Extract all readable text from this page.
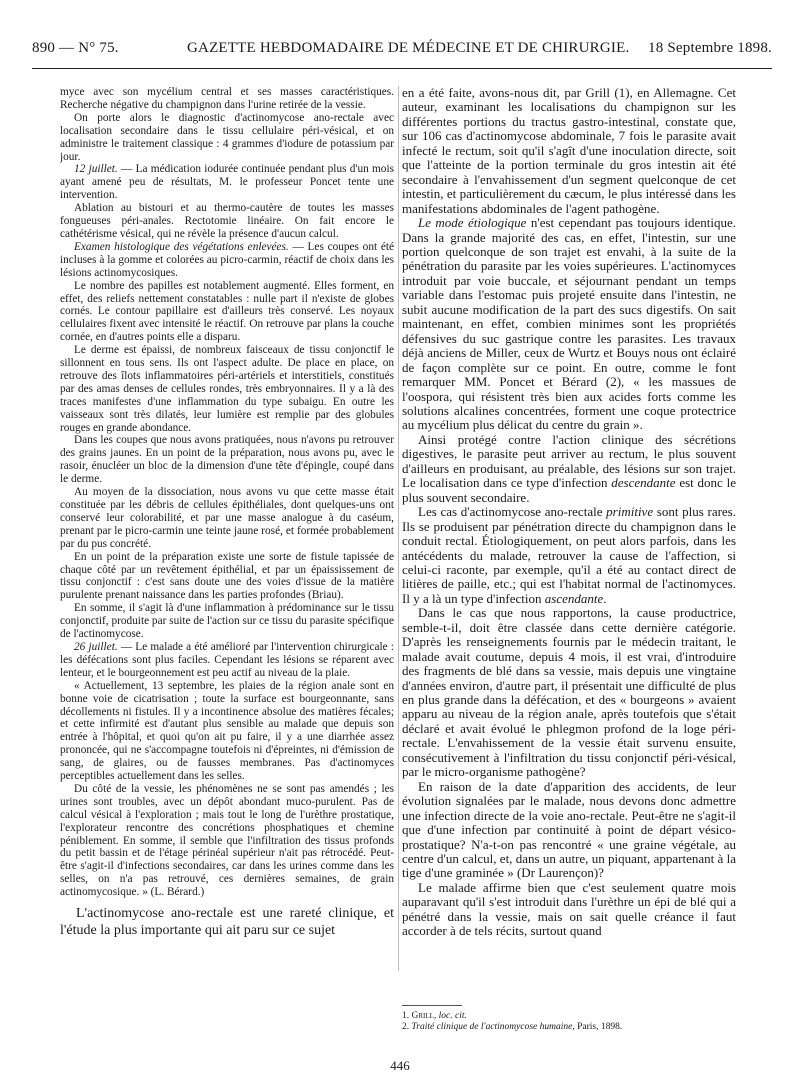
890 — N° 75.	GAZETTE HEBDOMADAIRE DE MÉDECINE ET DE CHIRURGIE. 18 Septembre 1898.

myce avec son mycélium central et ses masses caractéristiques. Recherche négative du champignon dans l'urine retirée de la vessie.

On porte alors le diagnostic d'actinomycose ano-rectale avec localisation secondaire dans le tissu cellulaire péri-vésical, et on administre le traitement classique : 4 grammes d'iodure de potassium par jour.

12 juillet. — La médication iodurée continuée pendant plus d'un mois ayant amené peu de résultats, M. le professeur Poncet tente une intervention.

Ablation au bistouri et au thermo-cautère de toutes les masses fongueuses péri-anales. Rectotomie linéaire. On fait encore le cathétérisme vésical, qui ne révèle la présence d'aucun calcul.

Examen histologique des végétations enlevées. — Les coupes ont été incluses à la gomme et colorées au picro-carmin, réactif de choix dans les lésions actinomycosiques.

Le nombre des papilles est notablement augmenté. Elles forment, en effet, des reliefs nettement constatables : nulle part il n'existe de globes cornés. Le contour papillaire est d'ailleurs très conservé. Les noyaux cellulaires fixent avec intensité le réactif. On retrouve par plans la couche cornée, en d'autres points elle a disparu.

Le derme est épaissi, de nombreux faisceaux de tissu conjonctif le sillonnent en tous sens. Ils ont l'aspect adulte. De place en place, on retrouve des îlots inflammatoires péri-artériels et interstitiels, constitués par des amas denses de cellules rondes, très embryonnaires. Il y a là des traces manifestes d'une inflammation du type subaigu. En outre les vaisseaux sont très dilatés, leur lumière est remplie par des globules rouges en grande abondance.

Dans les coupes que nous avons pratiquées, nous n'avons pu retrouver des grains jaunes. En un point de la préparation, nous avons pu, avec le rasoir, énucléer un bloc de la dimension d'une tête d'épingle, coupé dans le derme.

Au moyen de la dissociation, nous avons vu que cette masse était constituée par les débris de cellules épithéliales, dont quelques-uns ont conservé leur colorabilité, et par une masse analogue à du caséum, prenant par le picro-carmin une teinte jaune rosé, et formée probablement par du pus concrété.

En un point de la préparation existe une sorte de fistule tapissée de chaque côté par un revêtement épithélial, et par un épaississement de tissu conjonctif : c'est sans doute une des voies d'issue de la matière purulente prenant naissance dans les parties profondes (Briau).

En somme, il s'agit là d'une inflammation à prédominance sur le tissu conjonctif, produite par suite de l'action sur ce tissu du parasite spécifique de l'actinomycose.

26 juillet. — Le malade a été amélioré par l'intervention chirurgicale : les défécations sont plus faciles. Cependant les lésions se réparent avec lenteur, et le bourgeonnement est peu actif au niveau de la plaie.

« Actuellement, 13 septembre, les plaies de la région anale sont en bonne voie de cicatrisation ; toute la surface est bourgeonnante, sans décollements ni fistules. Il y a incontinence absolue des matières fécales; et cette infirmité est d'autant plus sensible au malade que depuis son entrée à l'hôpital, et quoi qu'on ait pu faire, il y a une diarrhée assez prononcée, qui ne s'accompagne toutefois ni d'épreintes, ni d'émission de sang, de glaires, ou de fausses membranes. Pas d'actinomyces perceptibles actuellement dans les selles.

Du côté de la vessie, les phénomènes ne se sont pas amendés ; les urines sont troubles, avec un dépôt abondant muco-purulent. Pas de calcul vésical à l'exploration ; mais tout le long de l'urèthre prostatique, l'explorateur rencontre des concrétions phosphatiques et chemine péniblement. En somme, il semble que l'infiltration des tissus profonds du petit bassin et de l'étage périnéal supérieur n'ait pas rétrocédé. Peut-être s'agit-il d'infections secondaires, car dans les urines comme dans les selles, on n'a pas retrouvé, ces dernières semaines, de grain actinomycosique. » (L. Bérard.)

L'actinomycose ano-rectale est une rareté clinique, et l'étude la plus importante qui ait paru sur ce sujet

en a été faite, avons-nous dit, par Grill (1), en Allemagne. Cet auteur, examinant les localisations du champignon sur les différentes portions du tractus gastro-intestinal, constate que, sur 106 cas d'actinomycose abdominale, 7 fois le parasite avait infecté le rectum, soit qu'il s'agît d'une inoculation directe, soit que l'atteinte de la portion terminale du gros intestin ait été secondaire à l'envahissement d'un segment quelconque de cet intestin, et particulièrement du cæcum, le plus intéressé dans les manifestations abdominales de l'agent pathogène.

Le mode étiologique n'est cependant pas toujours identique. Dans la grande majorité des cas, en effet, l'intestin, sur une portion quelconque de son trajet est envahi, à la suite de la pénétration du parasite par les voies supérieures. L'actinomyces introduit par voie buccale, et séjournant pendant un temps variable dans l'estomac puis projeté ensuite dans l'intestin, ne subit aucune modification de la part des sucs digestifs. On sait maintenant, en effet, combien minimes sont les propriétés défensives du suc gastrique contre les parasites. Les travaux déjà anciens de Miller, ceux de Wurtz et Bouys nous ont éclairé de façon complète sur ce point. En outre, comme le font remarquer MM. Poncet et Bérard (2), « les massues de l'oospora, qui résistent très bien aux acides forts comme les solutions alcalines concentrées, forment une coque protectrice au mycélium plus délicat du centre du grain ».

Ainsi protégé contre l'action clinique des sécrétions digestives, le parasite peut arriver au rectum, le plus souvent d'ailleurs en produisant, au préalable, des lésions sur son trajet. Le localisation dans ce type d'infection descendante est donc le plus souvent secondaire.

Les cas d'actinomycose ano-rectale primitive sont plus rares. Ils se produisent par pénétration directe du champignon dans le conduit rectal. Étiologiquement, on peut alors parfois, dans les antécédents du malade, retrouver la cause de l'affection, si celui-ci raconte, par exemple, qu'il a été au contact direct de litières de paille, etc.; qui est l'habitat normal de l'actinomyces. Il y a là un type d'infection ascendante.

Dans le cas que nous rapportons, la cause productrice, semble-t-il, doit être classée dans cette dernière catégorie. D'après les renseignements fournis par le médecin traitant, le malade avait coutume, depuis 4 mois, il est vrai, d'introduire des fragments de blé dans sa vessie, mais depuis une vingtaine d'années environ, d'autre part, il présentait une difficulté de plus en plus grande dans la défécation, et des « bourgeons » avaient apparu au niveau de la région anale, après toutefois que s'était déclaré et avait évolué le phlegmon profond de la loge péri-rectale. L'envahissement de la vessie était survenu ensuite, consécutivement à l'infiltration du tissu conjonctif péri-vésical, par le micro-organisme pathogène?

En raison de la date d'apparition des accidents, de leur évolution signalées par le malade, nous devons donc admettre une infection directe de la voie ano-rectale. Peut-être ne s'agit-il que d'une infection par continuité à point de départ vésico-prostatique? N'a-t-on pas rencontré « une graine végétale, au centre d'un calcul, et, dans un autre, un piquant, appartenant à la tige d'une graminée » (Dr Laurençon)?

Le malade affirme bien que c'est seulement quatre mois auparavant qu'il s'est introduit dans l'urèthre un épi de blé qui a pénétré dans la vessie, mais on sait quelle créance il faut accorder à de tels récits, surtout quand

1. Grill, loc. cit.
2. Traité clinique de l'actinomycose humaine, Paris, 1898.
446
